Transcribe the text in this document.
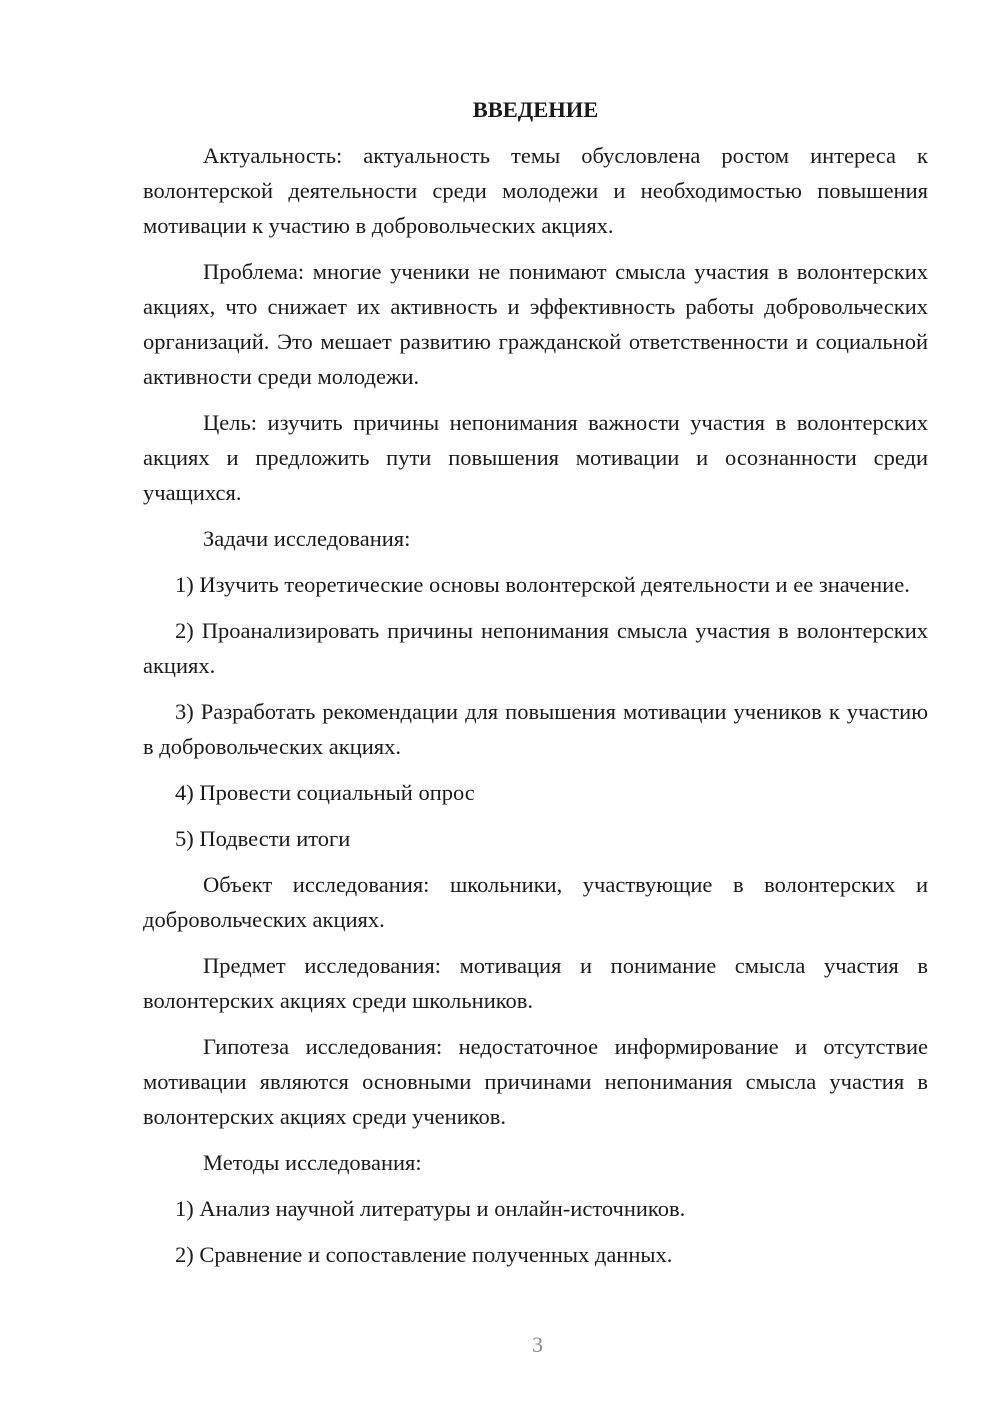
ВВЕДЕНИЕ

Актуальность: актуальность темы обусловлена ростом интереса к волонтерской деятельности среди молодежи и необходимостью повышения мотивации к участию в добровольческих акциях.

Проблема: многие ученики не понимают смысла участия в волонтерских акциях, что снижает их активность и эффективность работы добровольческих организаций. Это мешает развитию гражданской ответственности и социальной активности среди молодежи.

Цель: изучить причины непонимания важности участия в волонтерских акциях и предложить пути повышения мотивации и осознанности среди учащихся.

Задачи исследования:

1) Изучить теоретические основы волонтерской деятельности и ее значение.

2) Проанализировать причины непонимания смысла участия в волонтерских акциях.

3) Разработать рекомендации для повышения мотивации учеников к участию в добровольческих акциях.

4) Провести социальный опрос

5) Подвести итоги

Объект исследования: школьники, участвующие в волонтерских и добровольческих акциях.

Предмет исследования: мотивация и понимание смысла участия в волонтерских акциях среди школьников.

Гипотеза исследования: недостаточное информирование и отсутствие мотивации являются основными причинами непонимания смысла участия в волонтерских акциях среди учеников.

Методы исследования:

1) Анализ научной литературы и онлайн-источников.

2) Сравнение и сопоставление полученных данных.

3
